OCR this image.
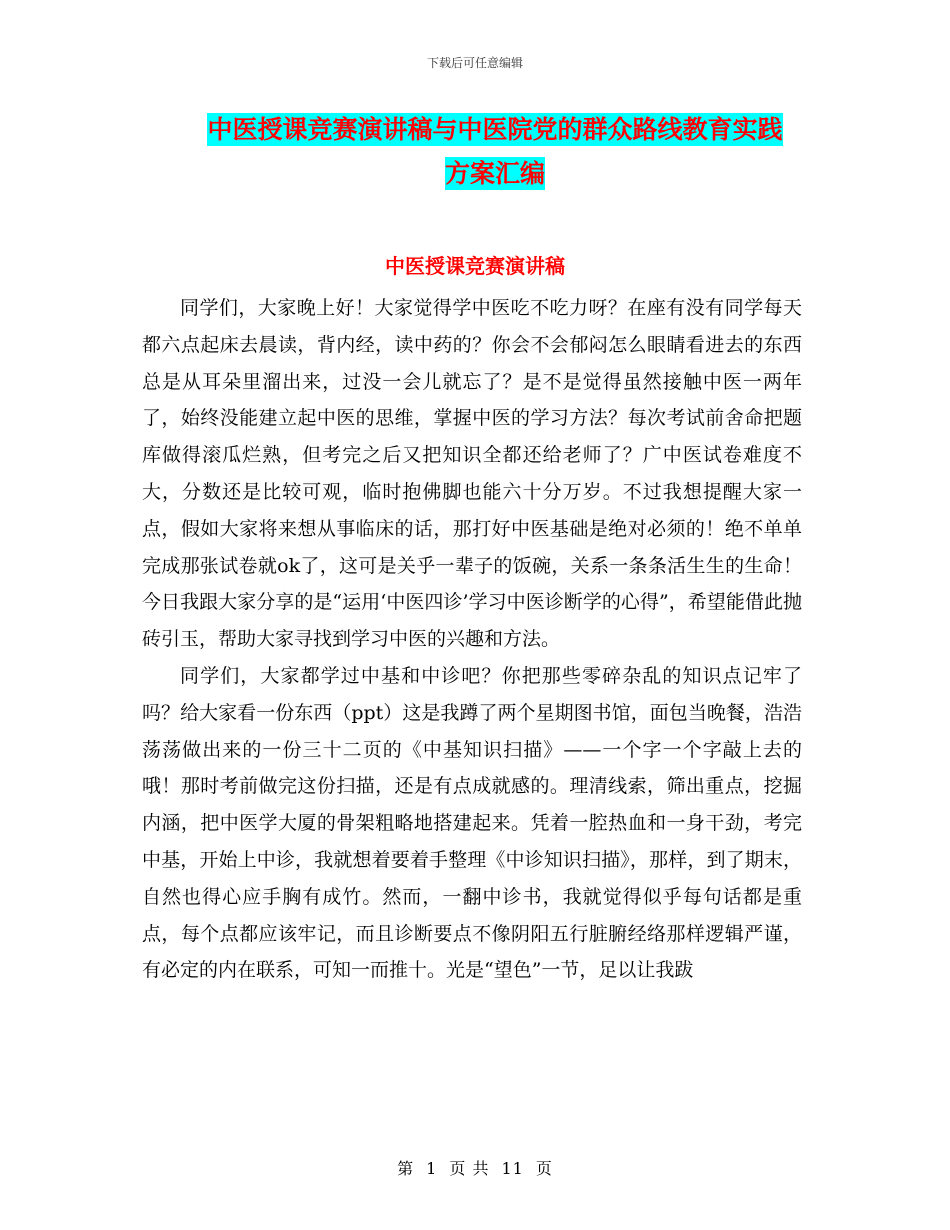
下载后可任意编辑
中医授课竞赛演讲稿与中医院党的群众路线教育实践
方案汇编
中医授课竞赛演讲稿

同学们，大家晚上好！大家觉得学中医吃不吃力呀？在座有没有同学每天都六点起床去晨读，背内经，读中药的？你会不会郁闷怎么眼睛看进去的东西总是从耳朵里溜出来，过没一会儿就忘了？是不是觉得虽然接触中医一两年了，始终没能建立起中医的思维，掌握中医的学习方法？每次考试前舍命把题库做得滚瓜烂熟，但考完之后又把知识全都还给老师了？广中医试卷难度不大，分数还是比较可观，临时抱佛脚也能六十分万岁。不过我想提醒大家一点，假如大家将来想从事临床的话，那打好中医基础是绝对必须的！绝不单单完成那张试卷就ok了，这可是关乎一辈子的饭碗，关系一条条活生生的生命！今日我跟大家分享的是“运用‘中医四诊’学习中医诊断学的心得”，希望能借此抛砖引玉，帮助大家寻找到学习中医的兴趣和方法。

同学们，大家都学过中基和中诊吧？你把那些零碎杂乱的知识点记牢了吗？给大家看一份东西（ppt）这是我蹲了两个星期图书馆，面包当晚餐，浩浩荡荡做出来的一份三十二页的《中基知识扫描》——一个字一个字敲上去的哦！那时考前做完这份扫描，还是有点成就感的。理清线索，筛出重点，挖掘内涵，把中医学大厦的骨架粗略地搭建起来。凭着一腔热血和一身干劲，考完中基，开始上中诊，我就想着要着手整理《中诊知识扫描》，那样，到了期末，自然也得心应手胸有成竹。然而，一翻中诊书，我就觉得似乎每句话都是重点，每个点都应该牢记，而且诊断要点不像阴阳五行脏腑经络那样逻辑严谨，有必定的内在联系，可知一而推十。光是“望色”一节，足以让我跋

第 1 页 共 11 页
